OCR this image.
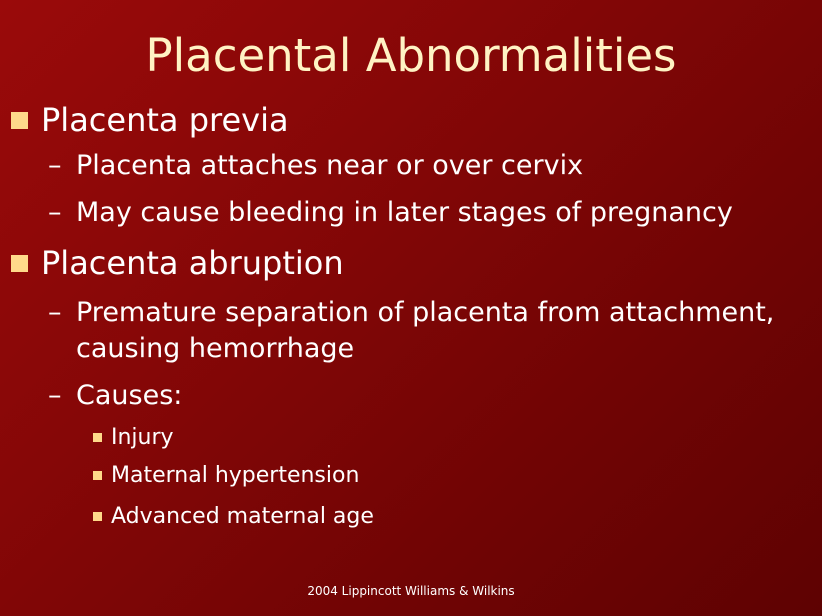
Placental Abnormalities
Placenta previa
– Placenta attaches near or over cervix
– May cause bleeding in later stages of pregnancy
Placenta abruption
– Premature separation of placenta from attachment,
causing hemorrhage
– Causes:
Injury
Maternal hypertension
Advanced maternal age
2004 Lippincott Williams & Wilkins
